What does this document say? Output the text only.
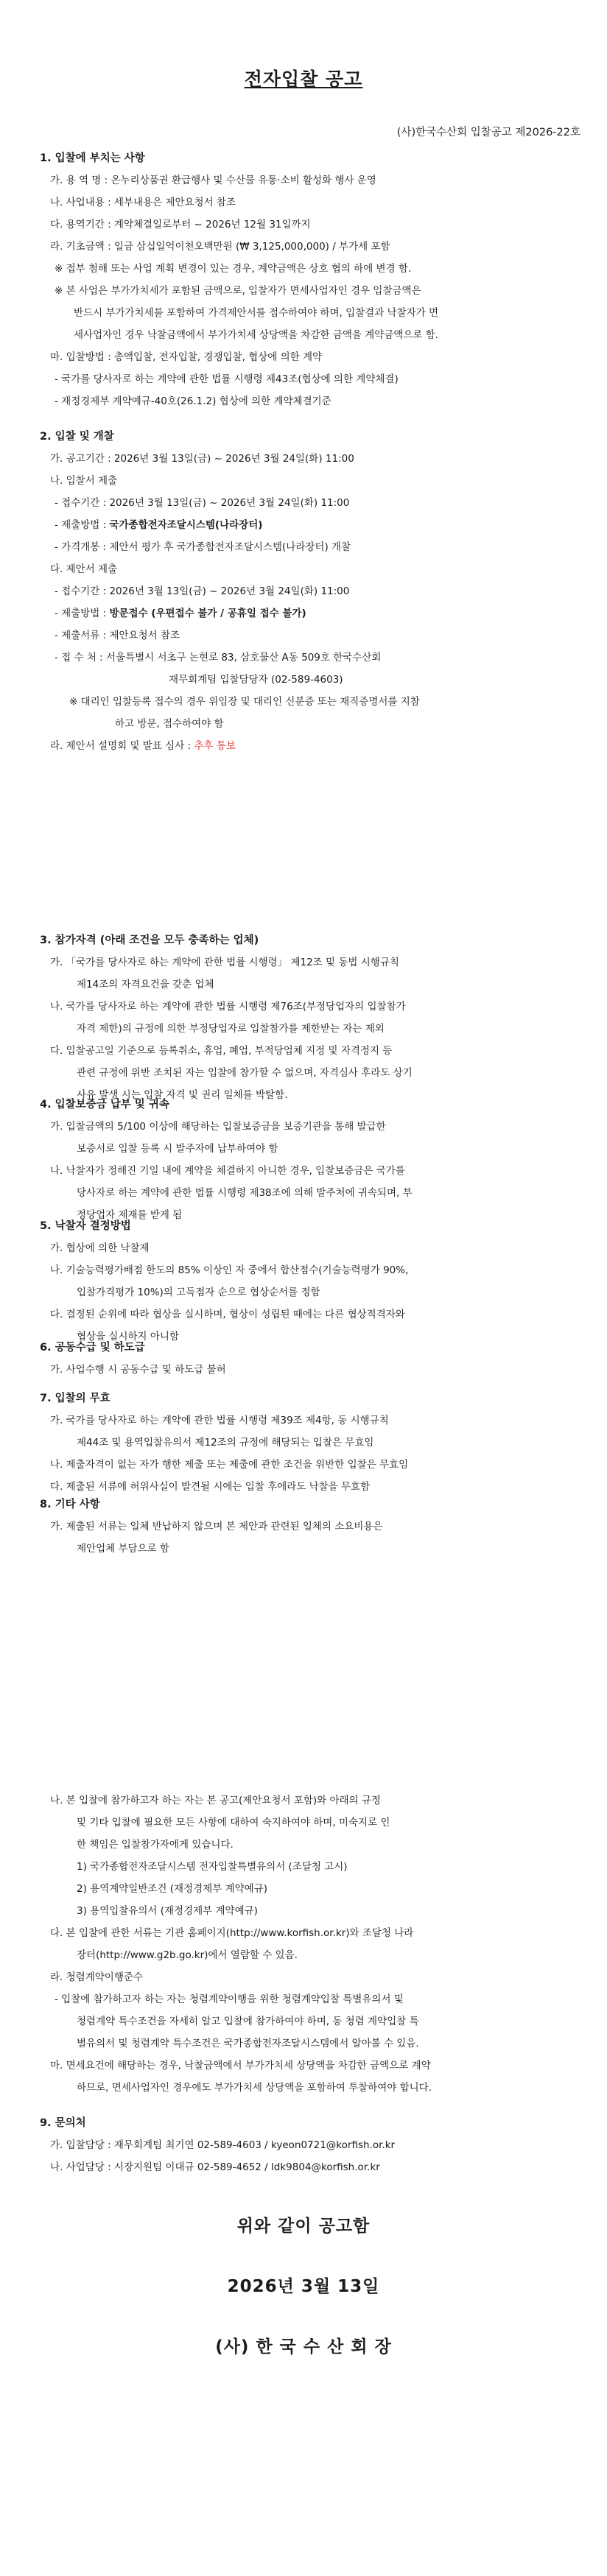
전자입찰 공고
(사)한국수산회 입찰공고 제2026-22호
1. 입찰에 부치는 사항
가. 용 역 명 : 온누리상품권 환급행사 및 수산물 유통·소비 활성화 행사 운영
나. 사업내용 : 세부내용은 제안요청서 참조
다. 용역기간 : 계약체결일로부터 ~ 2026년 12월 31일까지
라. 기초금액 : 일금 삼십일억이천오백만원 (₩ 3,125,000,000) / 부가세 포함
※ 접부 첨해 또는 사업 계획 변경이 있는 경우, 계약금액은 상호 협의 하에 변경 함.
※ 본 사업은 부가가치세가 포함된 금액으로, 입찰자가 면세사업자인 경우 입찰금액은
반드시 부가가치세를 포함하여 가격제안서를 접수하여야 하며, 입찰결과 낙찰자가 면
세사업자인 경우 낙찰금액에서 부가가치세 상당액을 차감한 금액을 계약금액으로 함.
마. 입찰방법 : 총액입찰, 전자입찰, 경쟁입찰, 협상에 의한 계약
- 국가를 당사자로 하는 계약에 관한 법률 시행령 제43조(협상에 의한 계약체결)
- 재정경제부 계약예규-40호(26.1.2) 협상에 의한 계약체결기준
2. 입찰 및 개찰
가. 공고기간 : 2026년 3월 13일(금) ~ 2026년 3월 24일(화) 11:00
나. 입찰서 제출
- 접수기간 : 2026년 3월 13일(금) ~ 2026년 3월 24일(화) 11:00
- 제출방법 : 국가종합전자조달시스템(나라장터)
- 가격개봉 : 제안서 평가 후 국가종합전자조달시스템(나라장터) 개찰
다. 제안서 제출
- 접수기간 : 2026년 3월 13일(금) ~ 2026년 3월 24일(화) 11:00
- 제출방법 : 방문접수 (우편접수 불가 / 공휴일 접수 불가)
- 제출서류 : 제안요청서 참조
- 접 수 처 : 서울특별시 서초구 논현로 83, 삼호물산 A동 509호 한국수산회
재무회계팀 입찰담당자 (02-589-4603)
※ 대리인 입찰등록 접수의 경우 위임장 및 대리인 신분증 또는 재직증명서를 지참
하고 방문, 접수하여야 함
라. 제안서 설명회 및 발표 심사 : 추후 통보
3. 참가자격 (아래 조건을 모두 충족하는 업체)
가. 「국가를 당사자로 하는 계약에 관한 법률 시행령」 제12조 및 동법 시행규칙
제14조의 자격요건을 갖춘 업체
나. 국가를 당사자로 하는 계약에 관한 법률 시행령 제76조(부정당업자의 입찰참가
자격 제한)의 규정에 의한 부정당업자로 입찰참가를 제한받는 자는 제외
다. 입찰공고일 기준으로 등록취소, 휴업, 폐업, 부적당업체 지정 및 자격정지 등
관련 규정에 위반 조치된 자는 입찰에 참가할 수 없으며, 자격심사 후라도 상기
사유 발생 시는 입찰 자격 및 권리 일체를 박탈함.
4. 입찰보증금 납부 및 귀속
가. 입찰금액의 5/100 이상에 해당하는 입찰보증금을 보증기관을 통해 발급한
보증서로 입찰 등록 시 발주자에 납부하여야 함
나. 낙찰자가 정해진 기일 내에 계약을 체결하지 아니한 경우, 입찰보증금은 국가를
당사자로 하는 계약에 관한 법률 시행령 제38조에 의해 발주처에 귀속되며, 부
정당업자 제재를 받게 됨
5. 낙찰자 결정방법
가. 협상에 의한 낙찰제
나. 기술능력평가배점 한도의 85% 이상인 자 중에서 합산점수(기술능력평가 90%,
입찰가격평가 10%)의 고득점자 순으로 협상순서를 정함
다. 결정된 순위에 따라 협상을 실시하며, 협상이 성립된 때에는 다른 협상적격자와
협상을 실시하지 아니함
6. 공동수급 및 하도급
가. 사업수행 시 공동수급 및 하도급 불허
7. 입찰의 무효
가. 국가를 당사자로 하는 계약에 관한 법률 시행령 제39조 제4항, 동 시행규칙
제44조 및 용역입찰유의서 제12조의 규정에 해당되는 입찰은 무효임
나. 제출자격이 없는 자가 행한 제출 또는 제출에 관한 조건을 위반한 입찰은 무효임
다. 제출된 서류에 허위사실이 발견될 시에는 입찰 후에라도 낙찰을 무효함
8. 기타 사항
가. 제출된 서류는 일체 반납하지 않으며 본 제안과 관련된 일체의 소요비용은
제안업체 부담으로 함
나. 본 입찰에 참가하고자 하는 자는 본 공고(제안요청서 포함)와 아래의 규정
및 기타 입찰에 필요한 모든 사항에 대하여 숙지하여야 하며, 미숙지로 인
한 책임은 입찰참가자에게 있습니다.
1) 국가종합전자조달시스템 전자입찰특별유의서 (조달청 고시)
2) 용역계약일반조건 (재정경제부 계약예규)
3) 용역입찰유의서 (재정경제부 계약예규)
다. 본 입찰에 관한 서류는 기관 홈페이지(http://www.korfish.or.kr)와 조달청 나라
장터(http://www.g2b.go.kr)에서 열람할 수 있음.
라. 청렴계약이행준수
- 입찰에 참가하고자 하는 자는 청렴계약이행을 위한 청렴계약입찰 특별유의서 및
청렴계약 특수조건을 자세히 알고 입찰에 참가하여야 하며, 동 청렴 계약입찰 특
별유의서 및 청렴계약 특수조건은 국가종합전자조달시스템에서 알아볼 수 있음.
마. 면세요건에 해당하는 경우, 낙찰금액에서 부가가치세 상당액을 차감한 금액으로 계약
하므로, 면세사업자인 경우에도 부가가치세 상당액을 포함하여 투찰하여야 합니다.
9. 문의처
가. 입찰담당 : 재무회계팀 최기연 02-589-4603 / kyeon0721@korfish.or.kr
나. 사업담당 : 시장지원팀 이대규 02-589-4652 / ldk9804@korfish.or.kr
위와 같이 공고함
2026년 3월 13일
(사) 한 국 수 산 회 장
